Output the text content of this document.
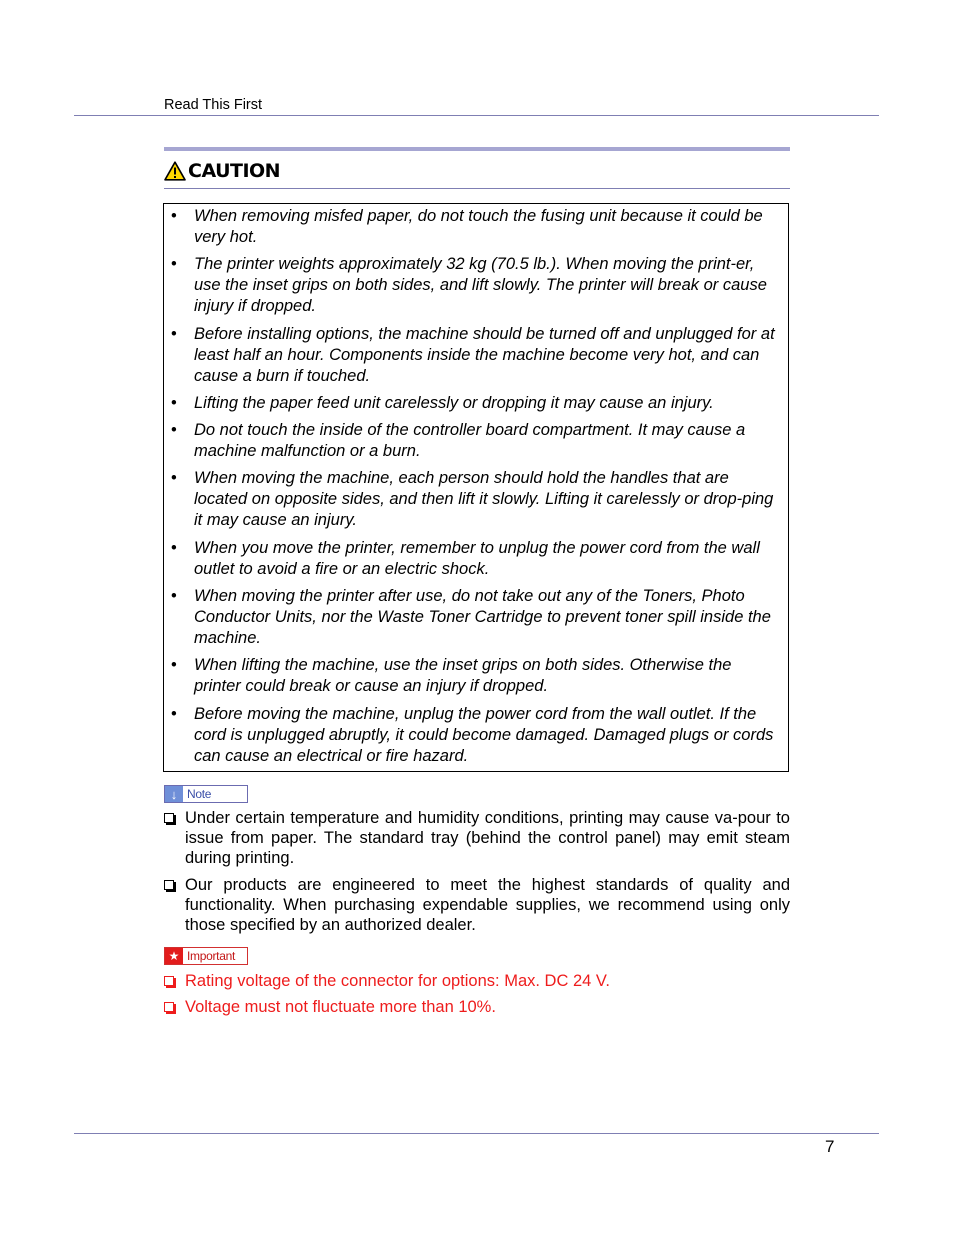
Read This First
CAUTION
• When removing misfed paper, do not touch the fusing unit because it could be very hot.
• The printer weights approximately 32 kg (70.5 lb.). When moving the print-er, use the inset grips on both sides, and lift slowly. The printer will break or cause injury if dropped.
• Before installing options, the machine should be turned off and unplugged for at least half an hour. Components inside the machine become very hot, and can cause a burn if touched.
• Lifting the paper feed unit carelessly or dropping it may cause an injury.
• Do not touch the inside of the controller board compartment. It may cause a machine malfunction or a burn.
• When moving the machine, each person should hold the handles that are located on opposite sides, and then lift it slowly. Lifting it carelessly or drop-ping it may cause an injury.
• When you move the printer, remember to unplug the power cord from the wall outlet to avoid a fire or an electric shock.
• When moving the printer after use, do not take out any of the Toners, Photo Conductor Units, nor the Waste Toner Cartridge to prevent toner spill inside the machine.
• When lifting the machine, use the inset grips on both sides. Otherwise the printer could break or cause an injury if dropped.
• Before moving the machine, unplug the power cord from the wall outlet. If the cord is unplugged abruptly, it could become damaged. Damaged plugs or cords can cause an electrical or fire hazard.
↓ Note
Under certain temperature and humidity conditions, printing may cause va-pour to issue from paper. The standard tray (behind the control panel) may emit steam during printing.
Our products are engineered to meet the highest standards of quality and functionality. When purchasing expendable supplies, we recommend using only those specified by an authorized dealer.
★ Important
Rating voltage of the connector for options: Max. DC 24 V.
Voltage must not fluctuate more than 10%.
7
